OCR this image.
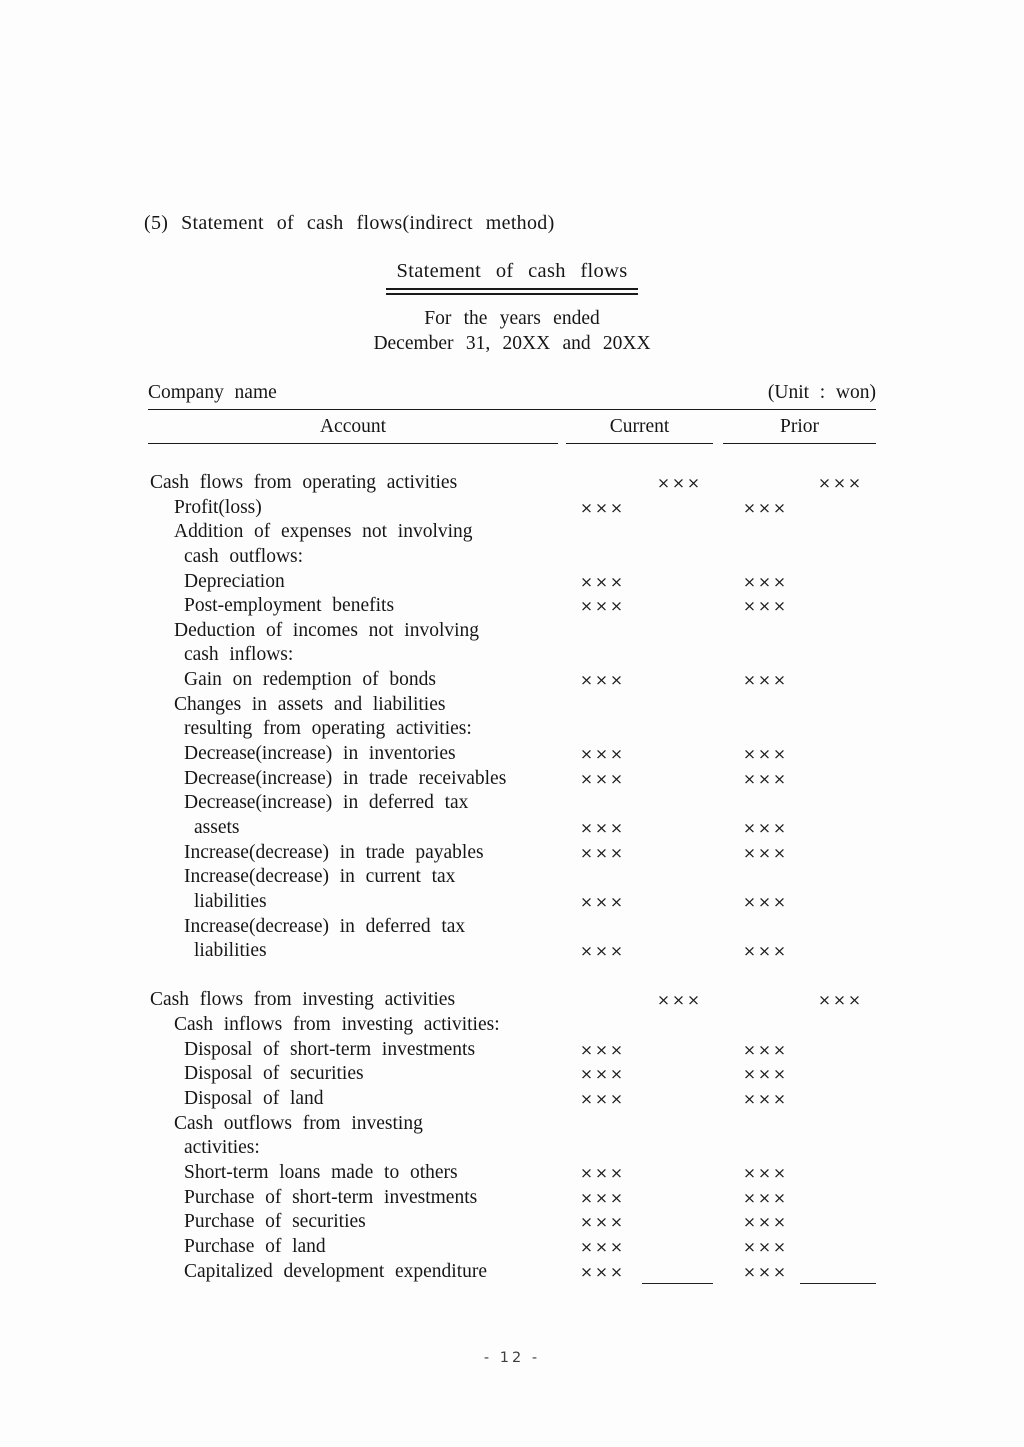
(5) Statement of cash flows(indirect method)
Statement of cash flows
For the years ended
December 31, 20XX and 20XX
Company name	(Unit : won)
Account	Current	Prior
Cash flows from operating activities	×××	×××
Profit(loss)	×××	×××
Addition of expenses not involving
cash outflows:
Depreciation	×××	×××
Post-employment benefits	×××	×××
Deduction of incomes not involving
cash inflows:
Gain on redemption of bonds	×××	×××
Changes in assets and liabilities
resulting from operating activities:
Decrease(increase) in inventories	×××	×××
Decrease(increase) in trade receivables	×××	×××
Decrease(increase) in deferred tax
assets	×××	×××
Increase(decrease) in trade payables	×××	×××
Increase(decrease) in current tax
liabilities	×××	×××
Increase(decrease) in deferred tax
liabilities	×××	×××
Cash flows from investing activities	×××	×××
Cash inflows from investing activities:
Disposal of short-term investments	×××	×××
Disposal of securities	×××	×××
Disposal of land	×××	×××
Cash outflows from investing
activities:
Short-term loans made to others	×××	×××
Purchase of short-term investments	×××	×××
Purchase of securities	×××	×××
Purchase of land	×××	×××
Capitalized development expenditure	×××	×××
- 12 -
